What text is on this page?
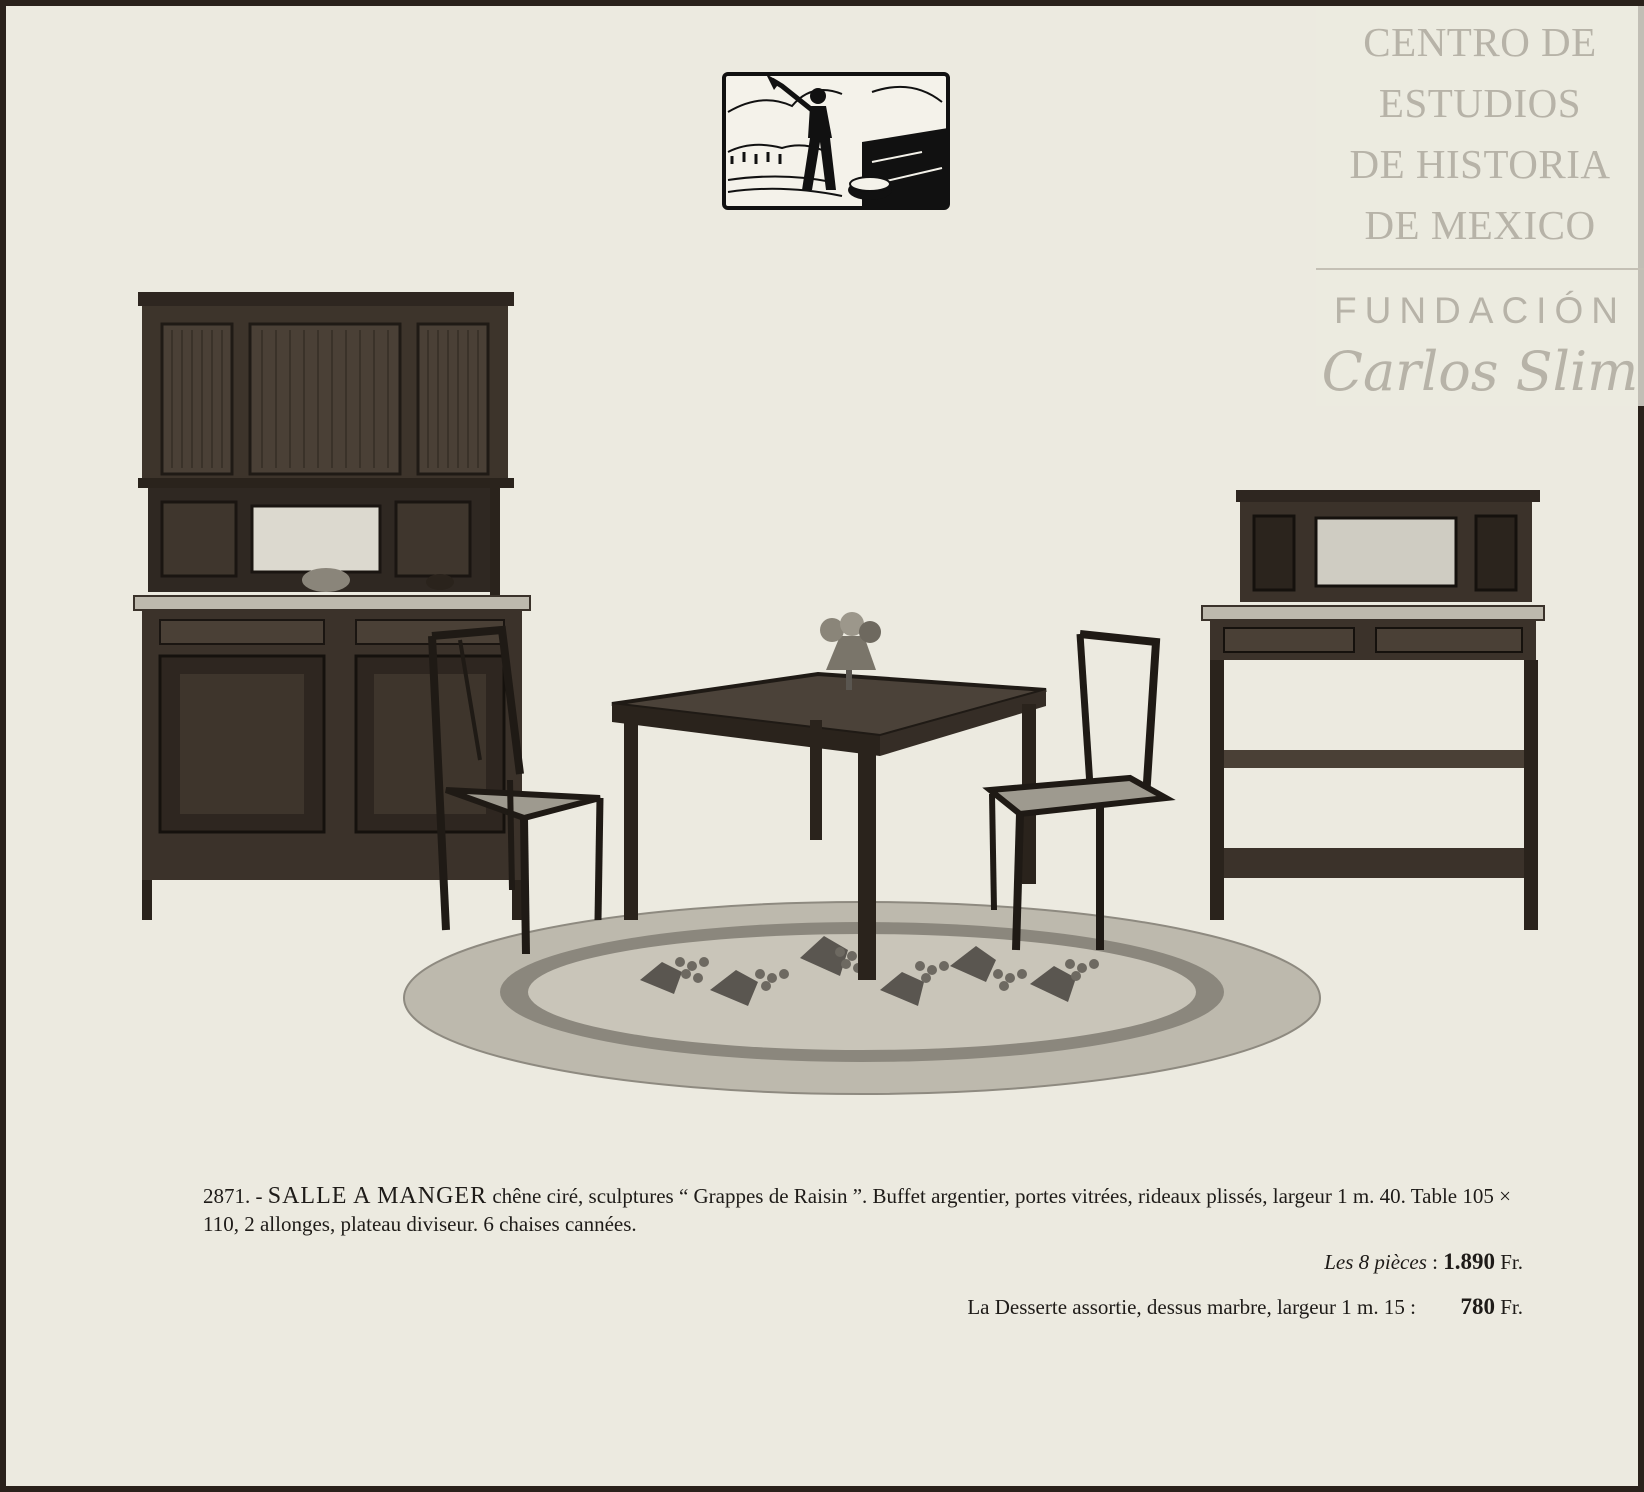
CENTRO DE
ESTUDIOS
DE HISTORIA
DE MEXICO
FUNDACIÓN
Carlos Slim
2871. - SALLE A MANGER chêne ciré, sculptures “ Grappes de Raisin ”. Buffet argentier, portes vitrées, rideaux plissés, largeur 1 m. 40. Table 105 × 110, 2 allonges, plateau diviseur. 6 chaises cannées.
Les 8 pièces : 1.890 Fr.
La Desserte assortie, dessus marbre, largeur 1 m. 15 : 780 Fr.
